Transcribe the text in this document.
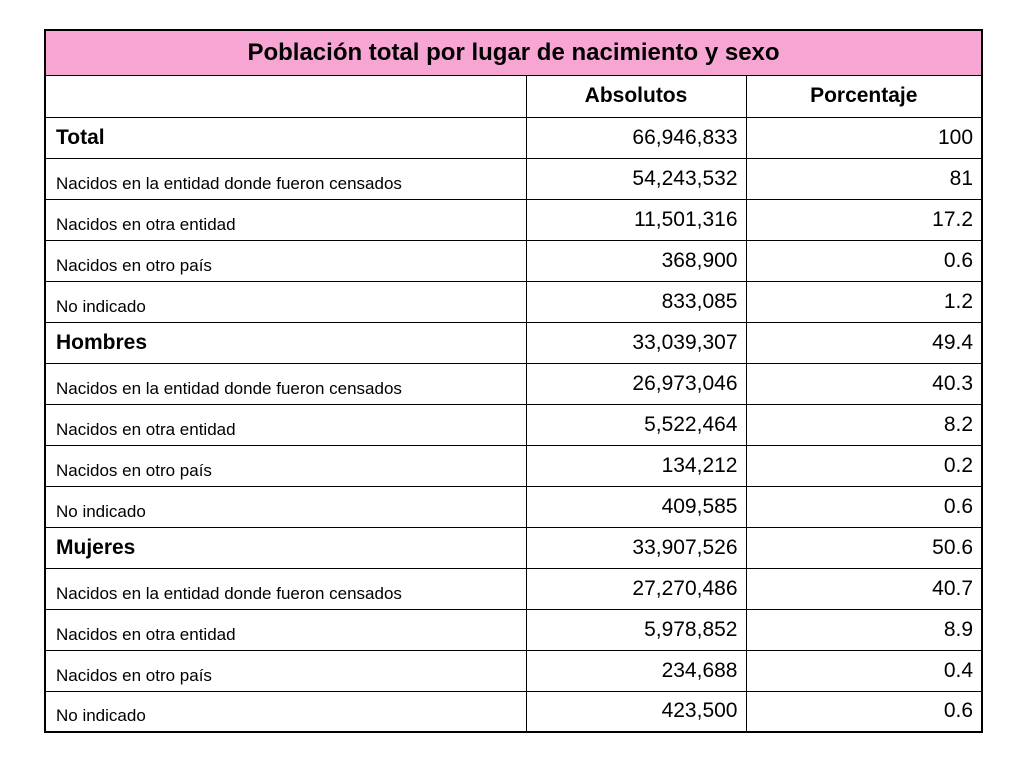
Población total por lugar de nacimiento y sexo		
	Absolutos	Porcentaje
Total	66,946,833	100
Nacidos en la entidad donde fueron censados	54,243,532	81
Nacidos en otra entidad	11,501,316	17.2
Nacidos en otro país	368,900	0.6
No indicado	833,085	1.2
Hombres	33,039,307	49.4
Nacidos en la entidad donde fueron censados	26,973,046	40.3
Nacidos en otra entidad	5,522,464	8.2
Nacidos en otro país	134,212	0.2
No indicado	409,585	0.6
Mujeres	33,907,526	50.6
Nacidos en la entidad donde fueron censados	27,270,486	40.7
Nacidos en otra entidad	5,978,852	8.9
Nacidos en otro país	234,688	0.4
No indicado	423,500	0.6
